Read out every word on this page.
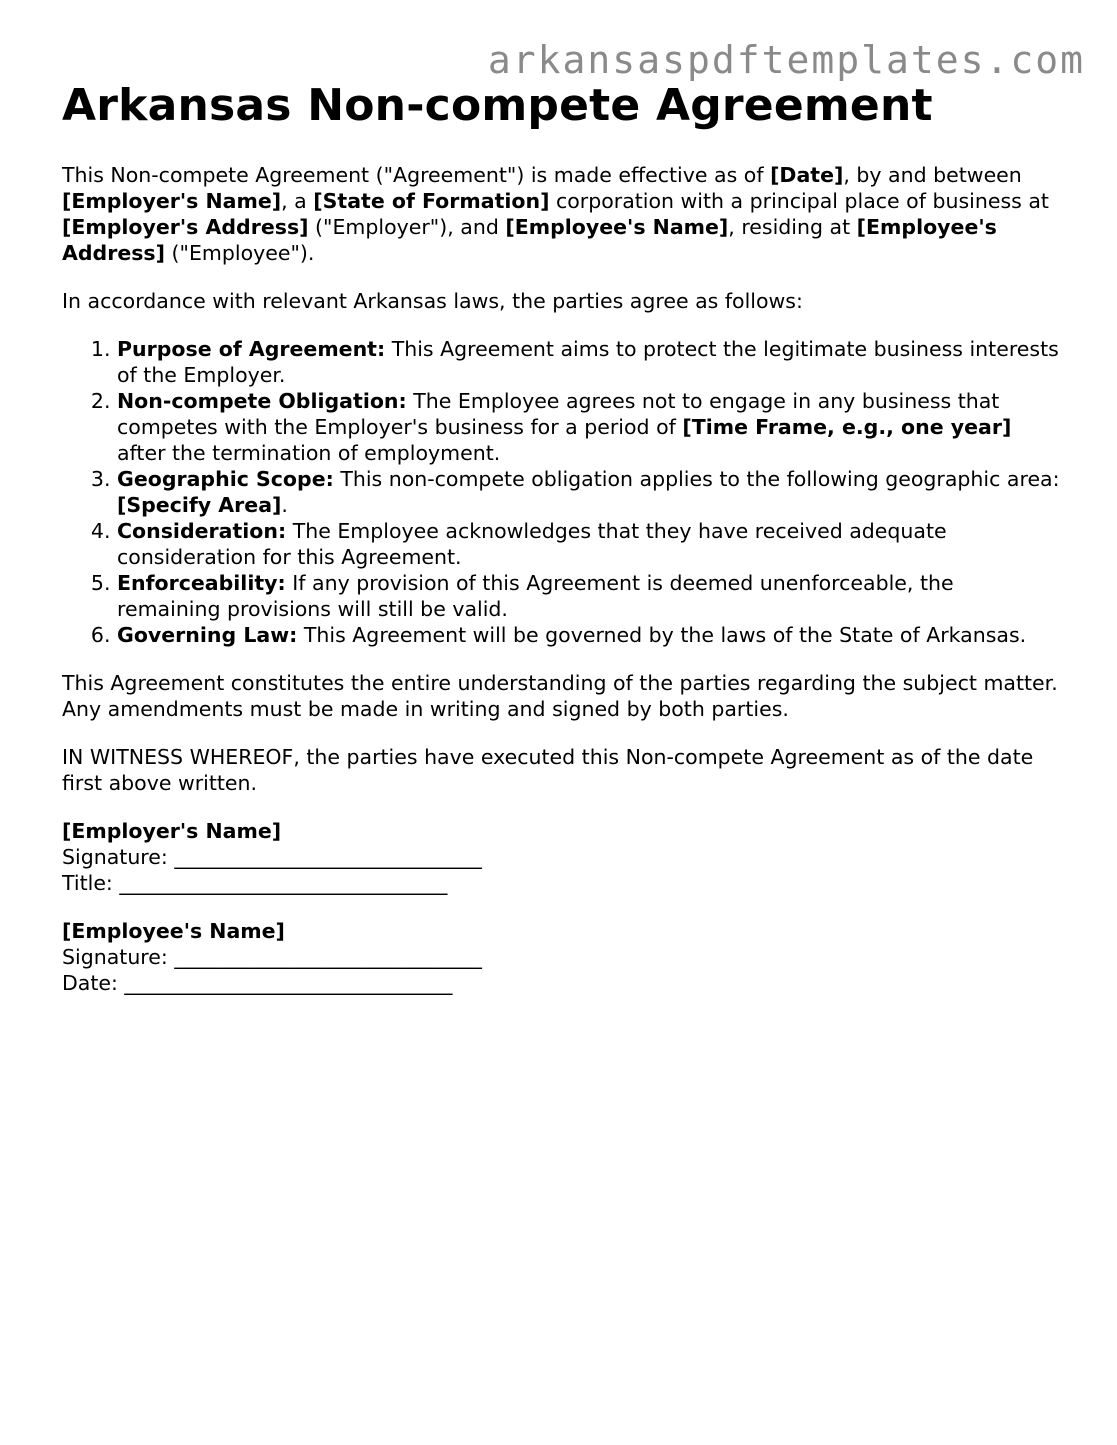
arkansaspdftemplates.com
Arkansas Non-compete Agreement

This Non-compete Agreement ("Agreement") is made effective as of [Date], by and between [Employer's Name], a [State of Formation] corporation with a principal place of business at [Employer's Address] ("Employer"), and [Employee's Name], residing at [Employee's Address] ("Employee").

In accordance with relevant Arkansas laws, the parties agree as follows:

1. Purpose of Agreement: This Agreement aims to protect the legitimate business interests of the Employer.
2. Non-compete Obligation: The Employee agrees not to engage in any business that competes with the Employer's business for a period of [Time Frame, e.g., one year] after the termination of employment.
3. Geographic Scope: This non-compete obligation applies to the following geographic area: [Specify Area].
4. Consideration: The Employee acknowledges that they have received adequate consideration for this Agreement.
5. Enforceability: If any provision of this Agreement is deemed unenforceable, the remaining provisions will still be valid.
6. Governing Law: This Agreement will be governed by the laws of the State of Arkansas.

This Agreement constitutes the entire understanding of the parties regarding the subject matter. Any amendments must be made in writing and signed by both parties.

IN WITNESS WHEREOF, the parties have executed this Non-compete Agreement as of the date first above written.

[Employer's Name]

Signature: ______________________________

Title: ________________________________

[Employee's Name]

Signature: ______________________________

Date: ________________________________
